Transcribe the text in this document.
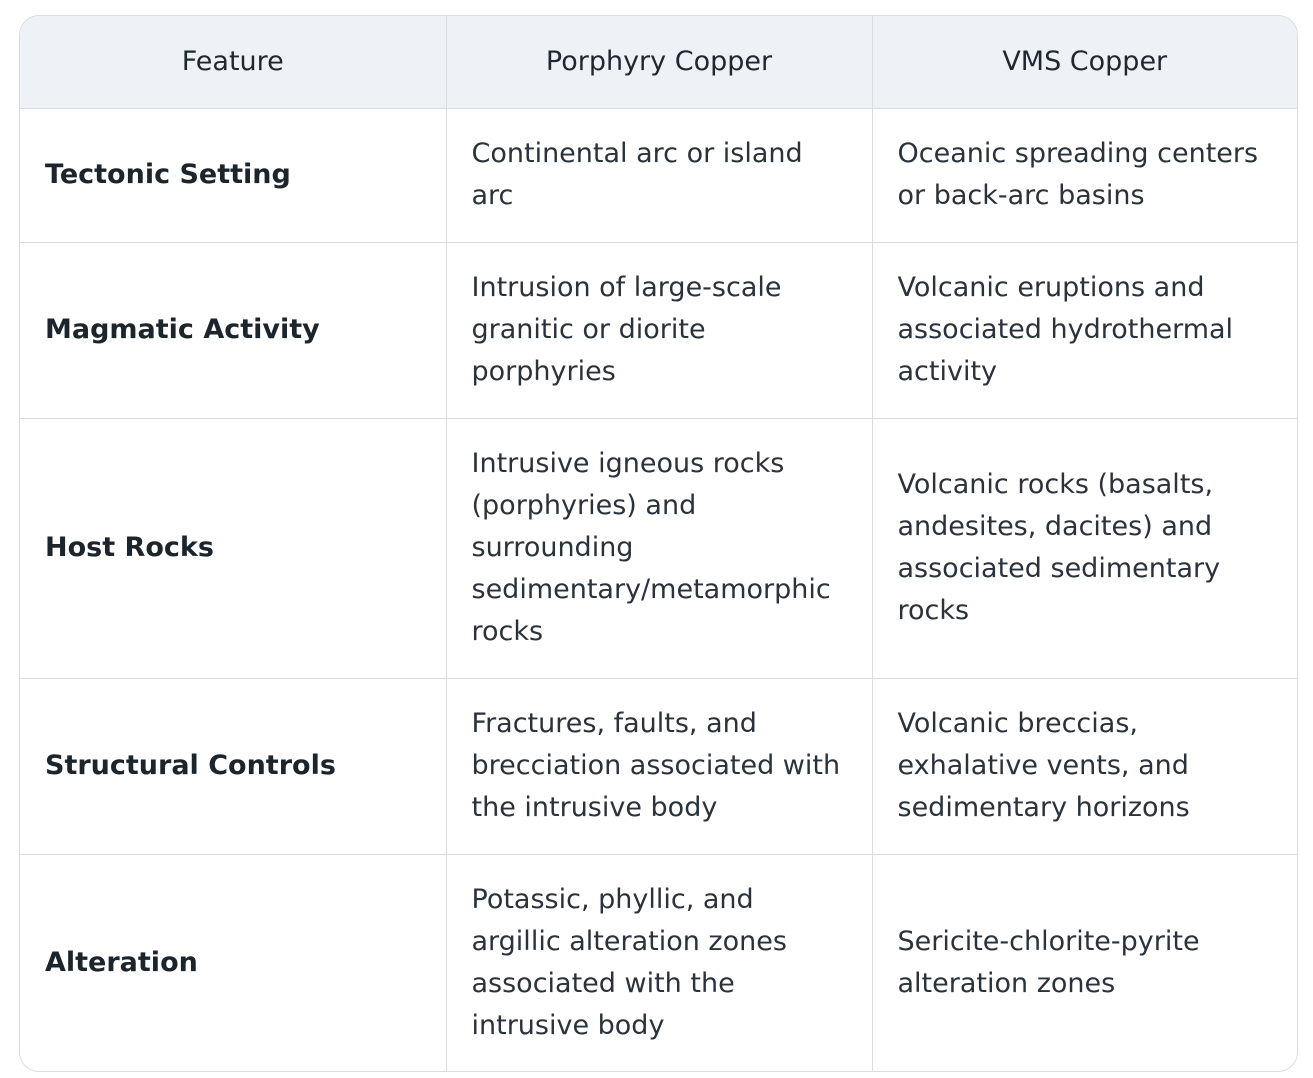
Feature	Porphyry Copper	VMS Copper
Tectonic Setting	Continental arc or island arc	Oceanic spreading centers or back-arc basins
Magmatic Activity	Intrusion of large-scale granitic or diorite porphyries	Volcanic eruptions and associated hydrothermal activity
Host Rocks	Intrusive igneous rocks (porphyries) and surrounding sedimentary/metamorphic rocks	Volcanic rocks (basalts, andesites, dacites) and associated sedimentary rocks
Structural Controls	Fractures, faults, and brecciation associated with the intrusive body	Volcanic breccias, exhalative vents, and sedimentary horizons
Alteration	Potassic, phyllic, and argillic alteration zones associated with the intrusive body	Sericite-chlorite-pyrite alteration zones
